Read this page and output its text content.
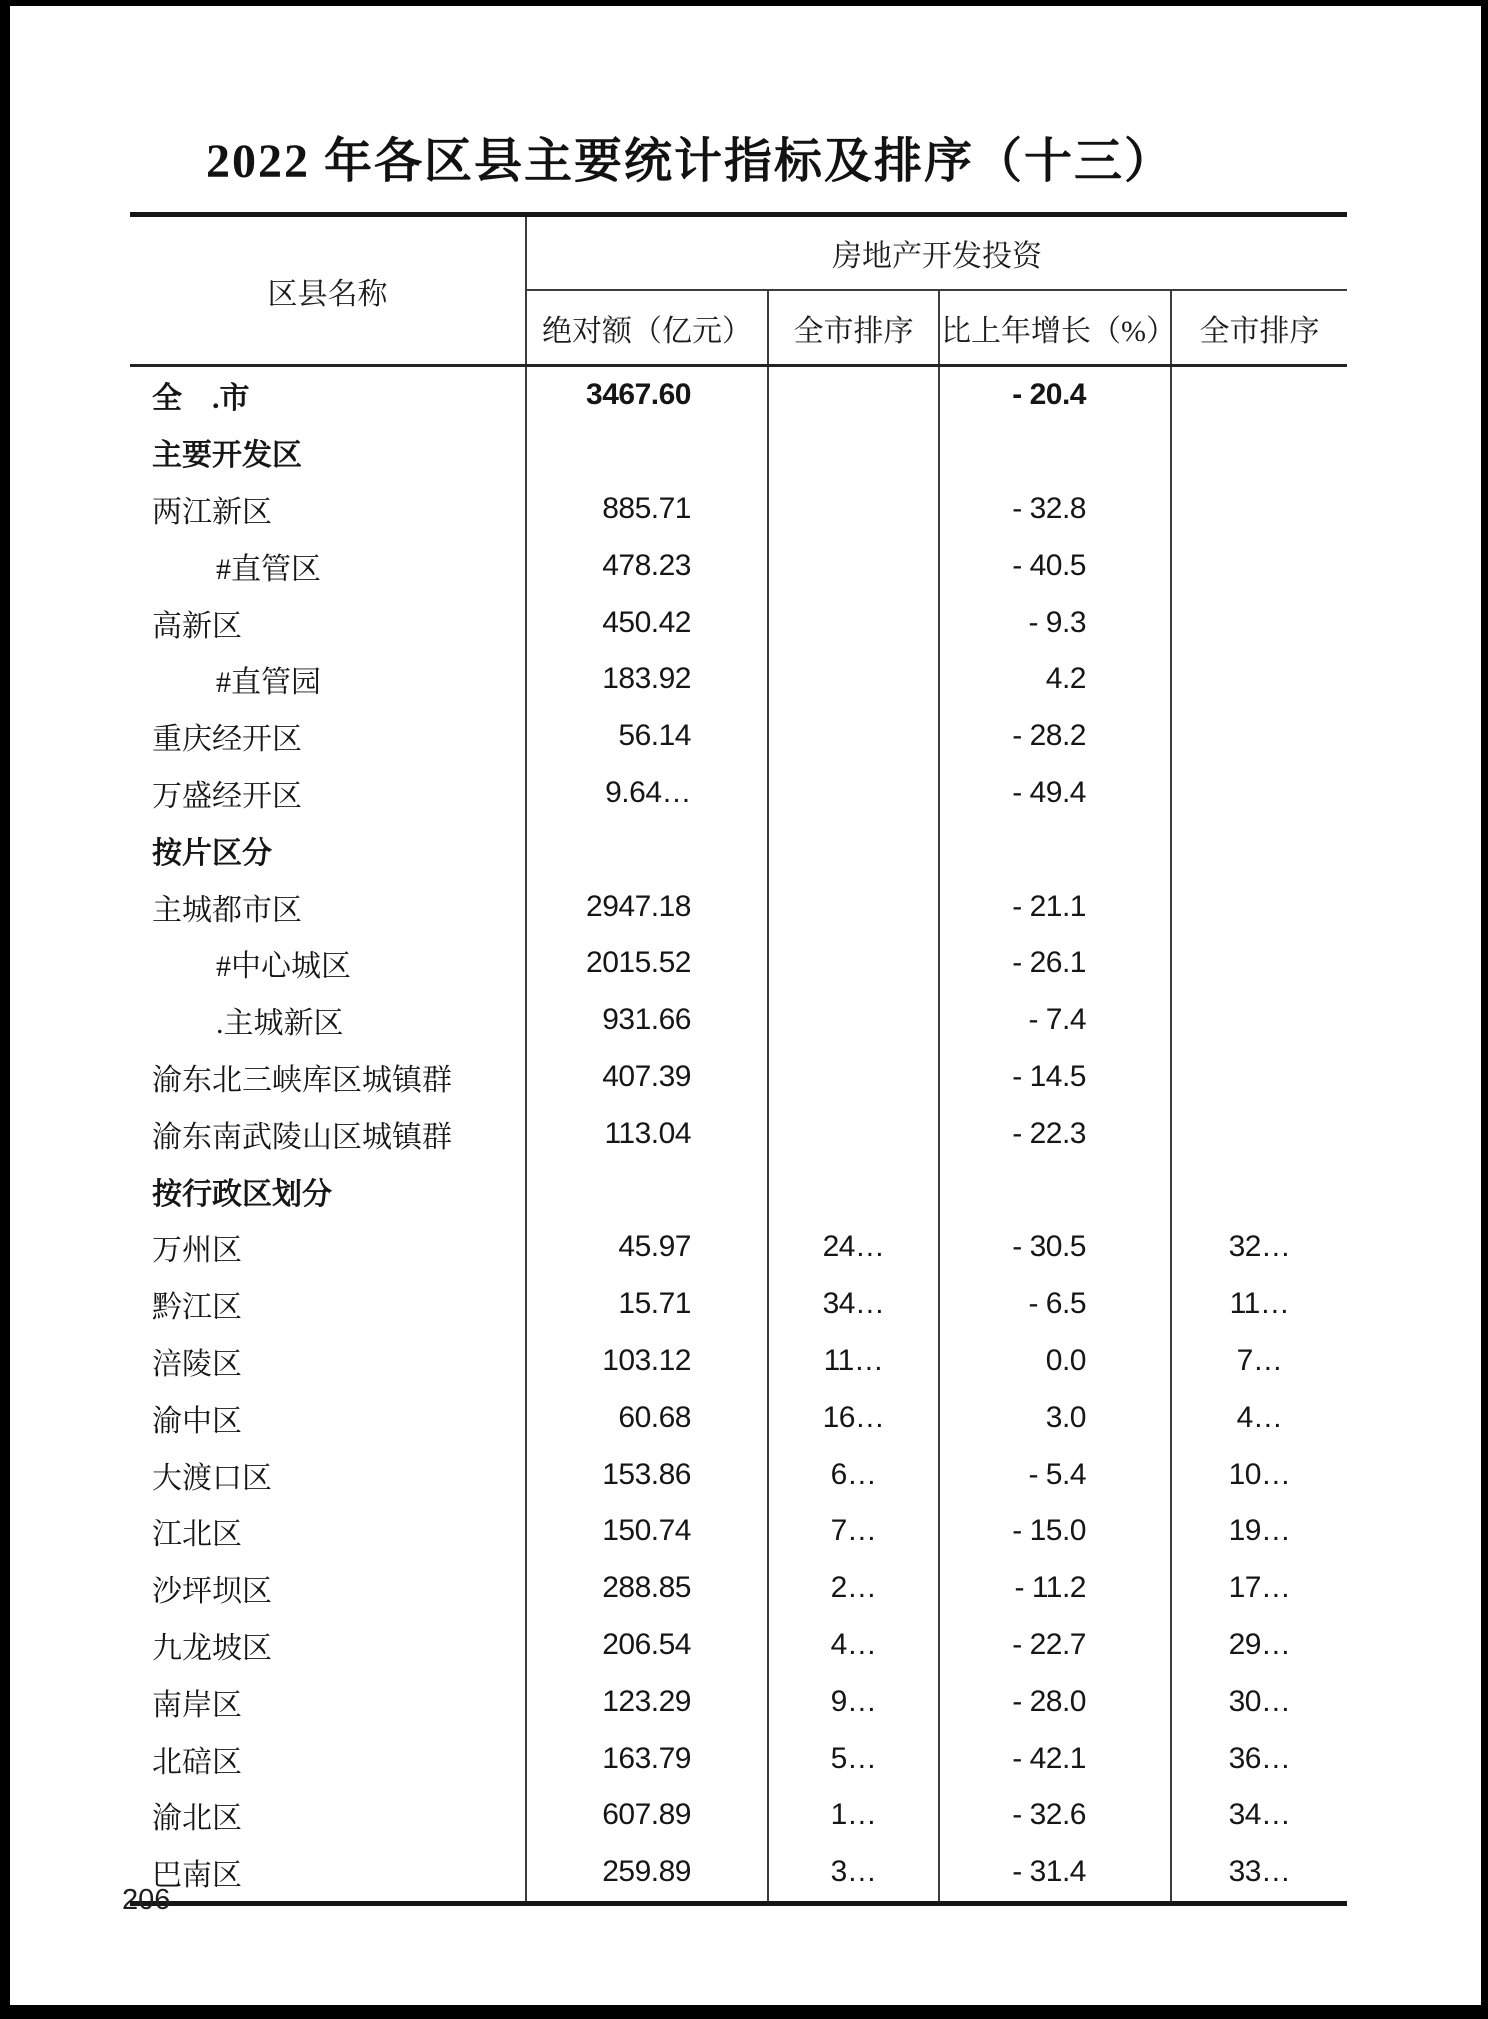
2022 年各区县主要统计指标及排序（十三）
区县名称	房地产开发投资			
	绝对额（亿元）	全市排序	比上年增长（%）	全市排序
全　.市	3467.60		- 20.4	
主要开发区				
两江新区	885.71		- 32.8	
#直管区	478.23		- 40.5	
高新区	450.42		- 9.3	
#直管园	183.92		4.2	
重庆经开区	56.14		- 28.2	
万盛经开区	9.64…		- 49.4	
按片区分				
主城都市区	2947.18		- 21.1	
#中心城区	2015.52		- 26.1	
.主城新区	931.66		- 7.4	
渝东北三峡库区城镇群	407.39		- 14.5	
渝东南武陵山区城镇群	113.04		- 22.3	
按行政区划分				
万州区	45.97	24…	- 30.5	32…
黔江区	15.71	34…	- 6.5	11…
涪陵区	103.12	11…	0.0	7…
渝中区	60.68	16…	3.0	4…
大渡口区	153.86	6…	- 5.4	10…
江北区	150.74	7…	- 15.0	19…
沙坪坝区	288.85	2…	- 11.2	17…
九龙坡区	206.54	4…	- 22.7	29…
南岸区	123.29	9…	- 28.0	30…
北碚区	163.79	5…	- 42.1	36…
渝北区	607.89	1…	- 32.6	34…
巴南区	259.89	3…	- 31.4	33…
206
